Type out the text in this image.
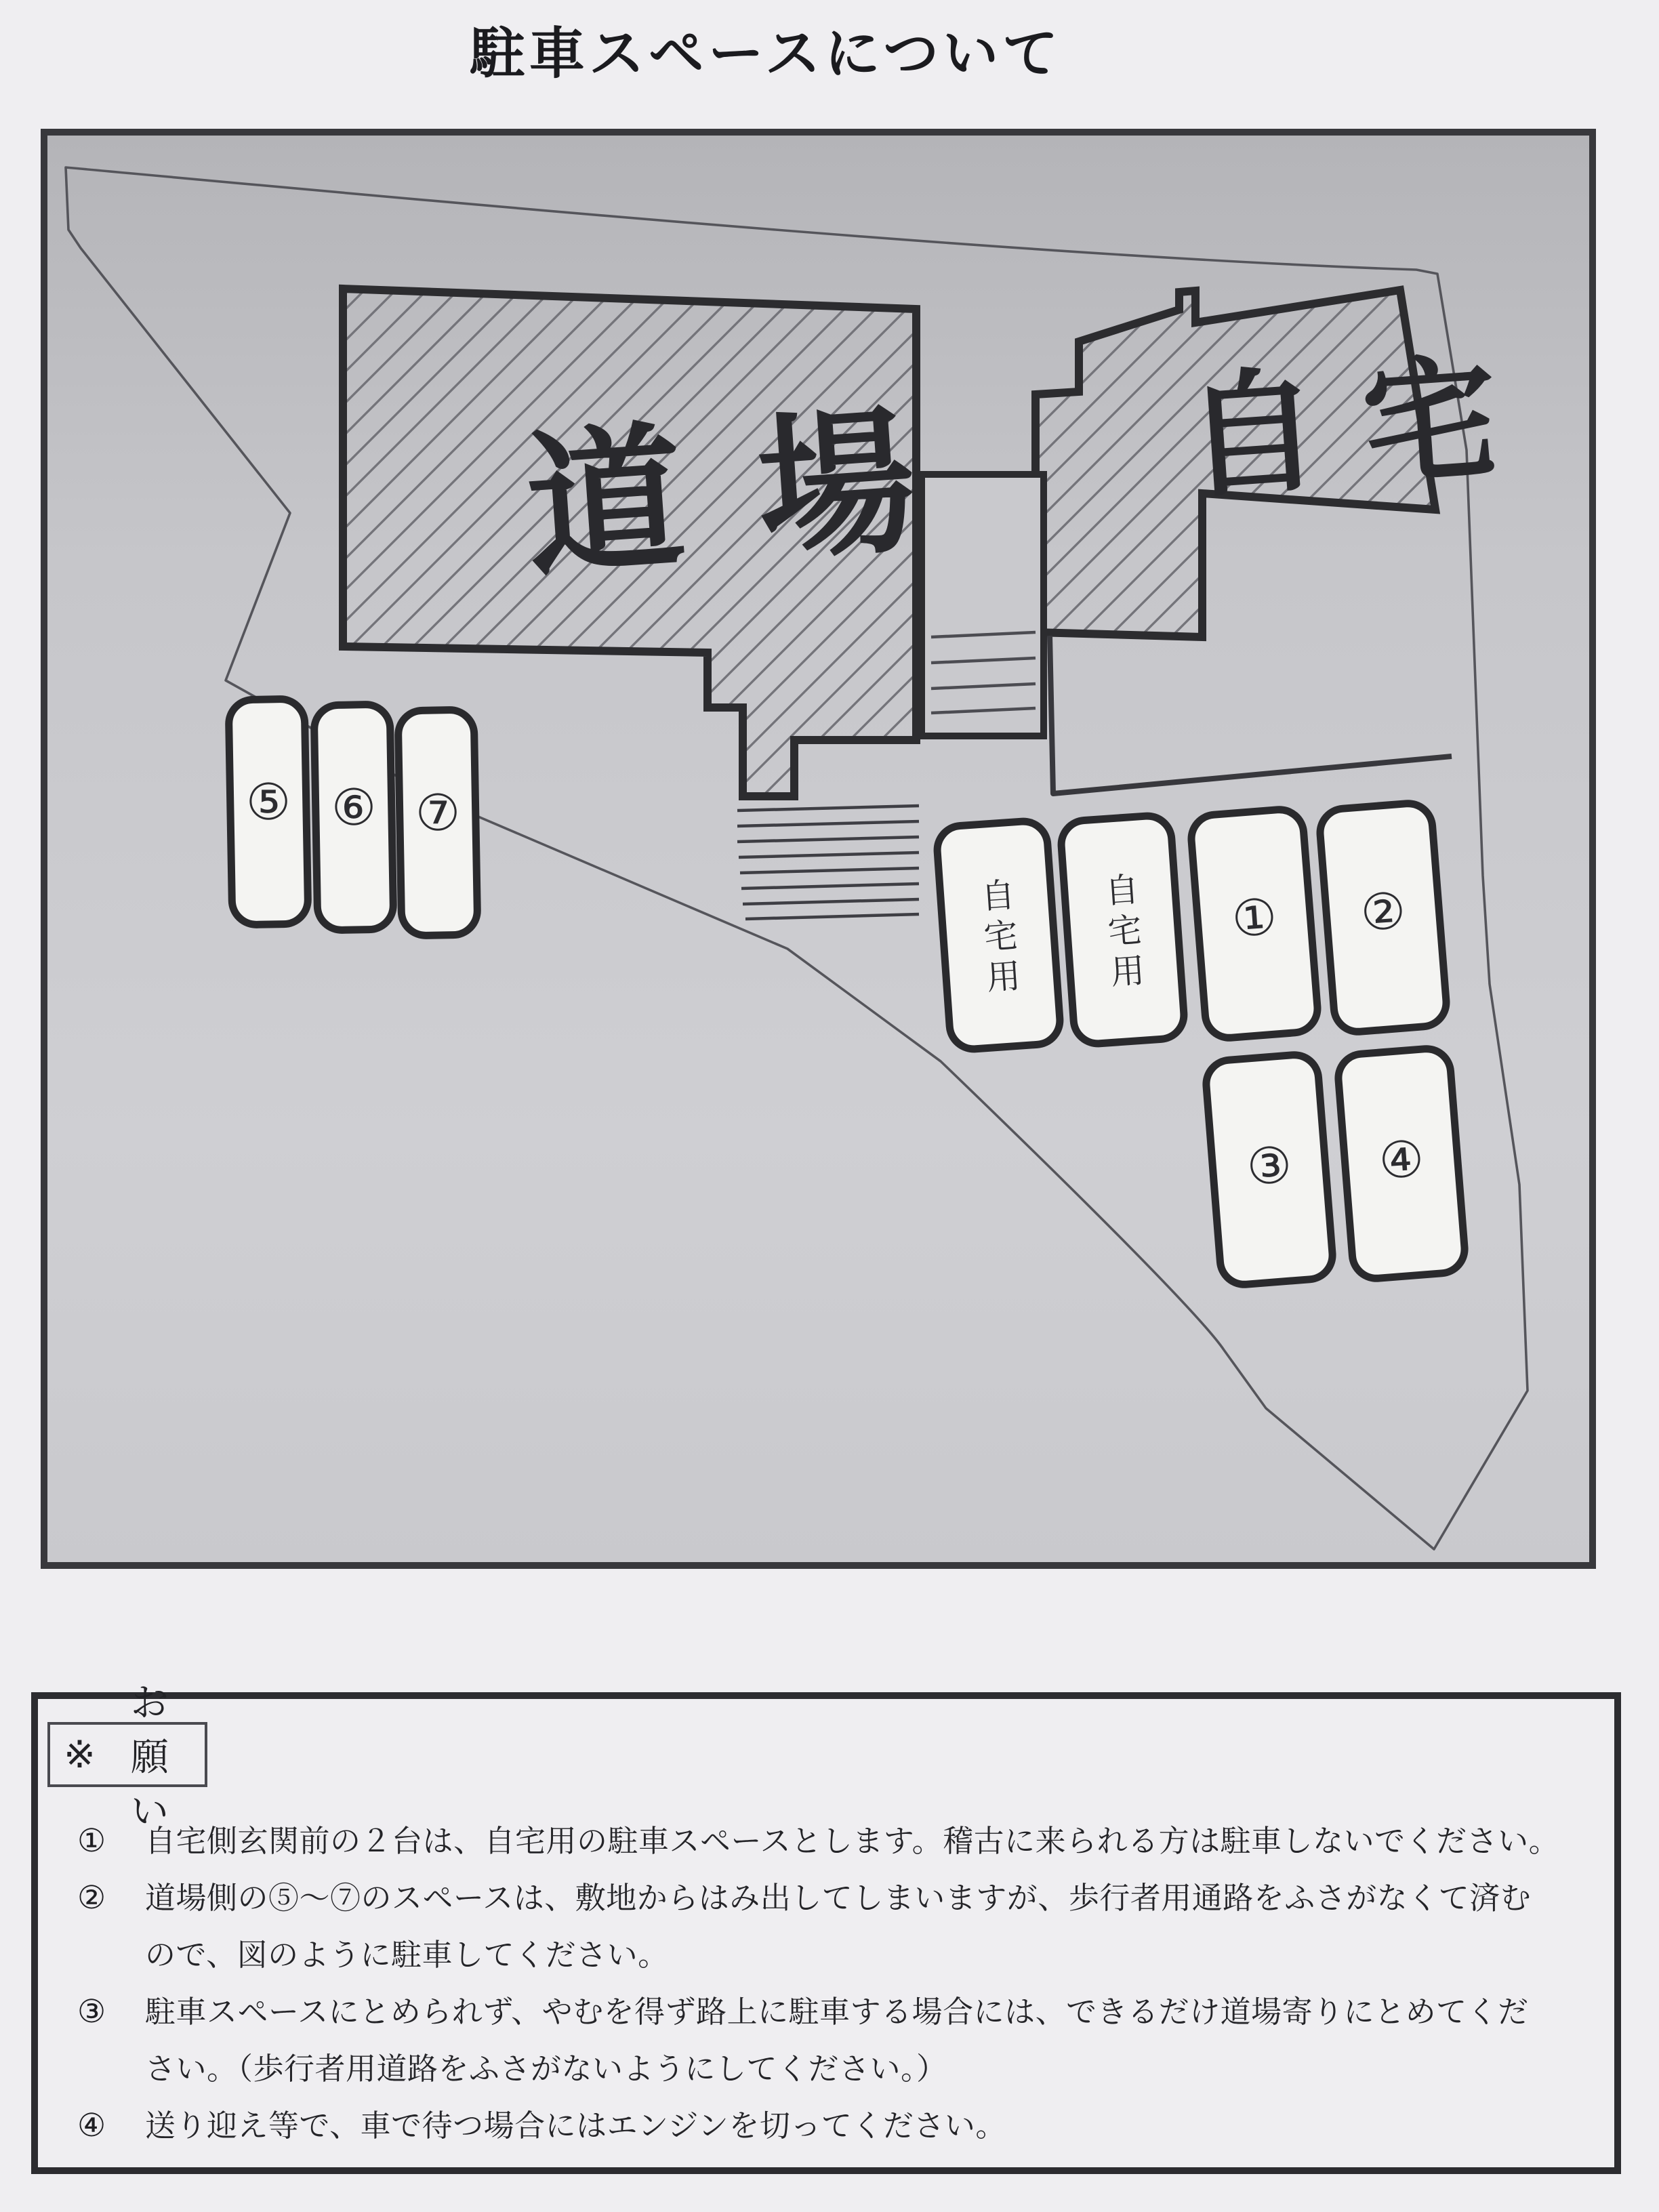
駐車スペースについて
道場 自宅
⑤ ⑥ ⑦
自宅用 自宅用 ① ②
③ ④
※
お願い
①	自宅側玄関前の２台は、自宅用の駐車スペースとします。稽古に来られる方は駐車しないでください。
②	道場側の⑤～⑦のスペースは、敷地からはみ出してしまいますが、歩行者用通路をふさがなくて済む
ので、図のように駐車してください。
③	駐車スペースにとめられず、やむを得ず路上に駐車する場合には、できるだけ道場寄りにとめてくだ
さい。（歩行者用道路をふさがないようにしてください。）
④	送り迎え等で、車で待つ場合にはエンジンを切ってください。
